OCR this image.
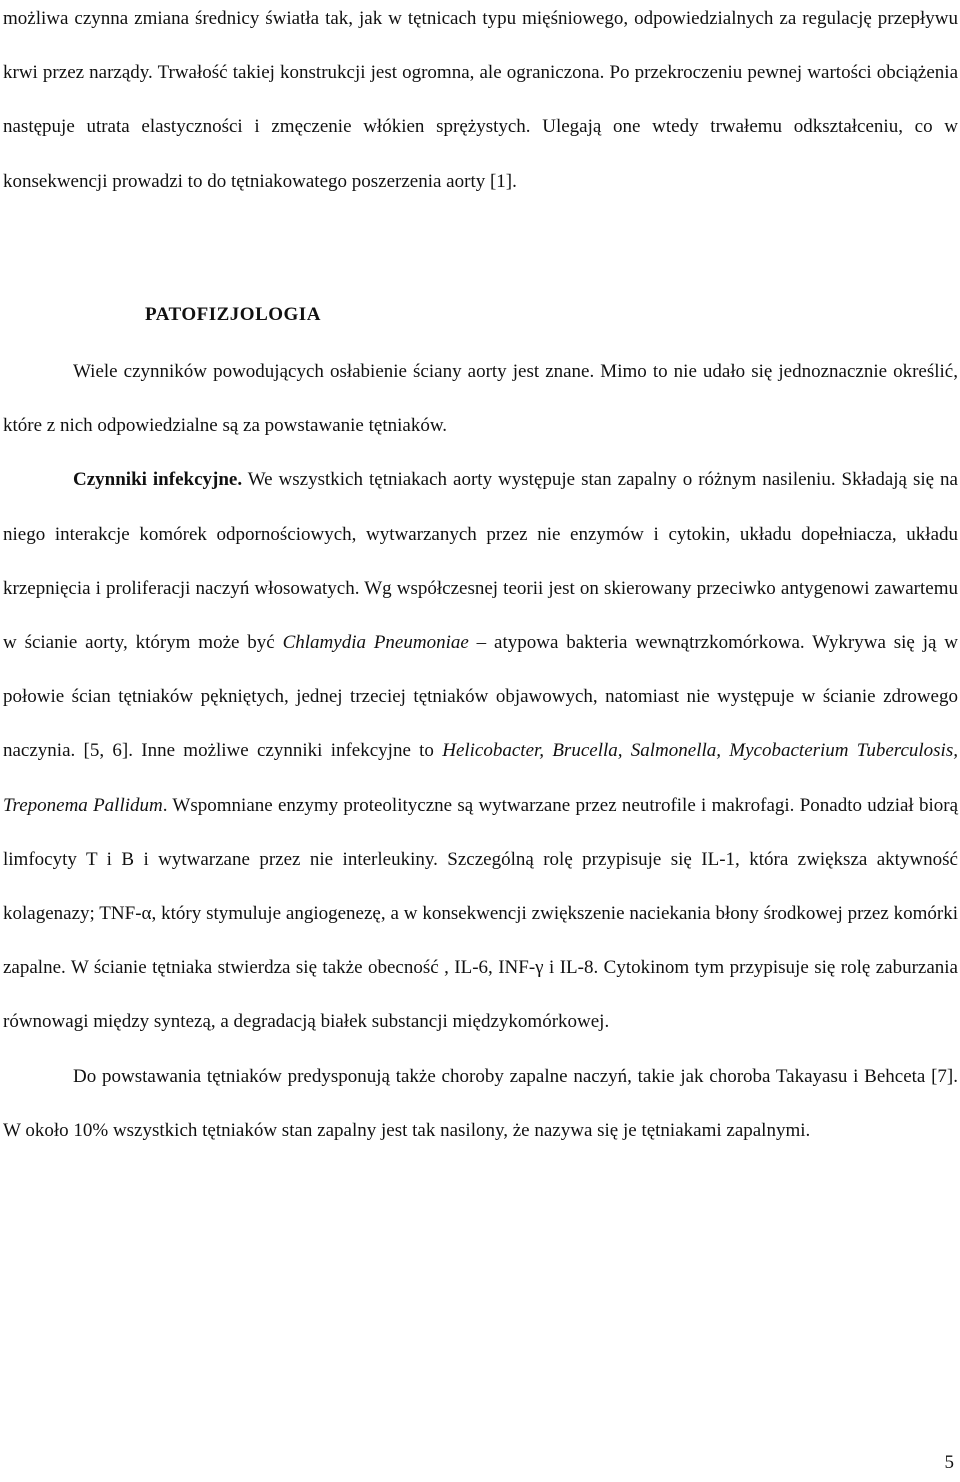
możliwa czynna zmiana średnicy światła tak, jak w tętnicach typu mięśniowego, odpowiedzialnych za regulację przepływu krwi przez narządy. Trwałość takiej konstrukcji jest ogromna, ale ograniczona. Po przekroczeniu pewnej wartości obciążenia następuje utrata elastyczności i zmęczenie włókien sprężystych. Ulegają one wtedy trwałemu odkształceniu, co w konsekwencji prowadzi to do tętniakowatego poszerzenia aorty [1].

PATOFIZJOLOGIA

Wiele czynników powodujących osłabienie ściany aorty jest znane. Mimo to nie udało się jednoznacznie określić, które z nich odpowiedzialne są za powstawanie tętniaków.

Czynniki infekcyjne. We wszystkich tętniakach aorty występuje stan zapalny o różnym nasileniu. Składają się na niego interakcje komórek odpornościowych, wytwarzanych przez nie enzymów i cytokin, układu dopełniacza, układu krzepnięcia i proliferacji naczyń włosowatych. Wg współczesnej teorii jest on skierowany przeciwko antygenowi zawartemu w ścianie aorty, którym może być Chlamydia Pneumoniae – atypowa bakteria wewnątrzkomórkowa. Wykrywa się ją w połowie ścian tętniaków pękniętych, jednej trzeciej tętniaków objawowych, natomiast nie występuje w ścianie zdrowego naczynia. [5, 6]. Inne możliwe czynniki infekcyjne to Helicobacter, Brucella, Salmonella, Mycobacterium Tuberculosis, Treponema Pallidum. Wspomniane enzymy proteolityczne są wytwarzane przez neutrofile i makrofagi. Ponadto udział biorą limfocyty T i B i wytwarzane przez nie interleukiny. Szczególną rolę przypisuje się IL-1, która zwiększa aktywność kolagenazy; TNF-α, który stymuluje angiogenezę, a w konsekwencji zwiększenie naciekania błony środkowej przez komórki zapalne. W ścianie tętniaka stwierdza się także obecność , IL-6, INF-γ i IL-8. Cytokinom tym przypisuje się rolę zaburzania równowagi między syntezą, a degradacją białek substancji międzykomórkowej.

Do powstawania tętniaków predysponują także choroby zapalne naczyń, takie jak choroba Takayasu i Behceta [7]. W około 10% wszystkich tętniaków stan zapalny jest tak nasilony, że nazywa się je tętniakami zapalnymi.

5
